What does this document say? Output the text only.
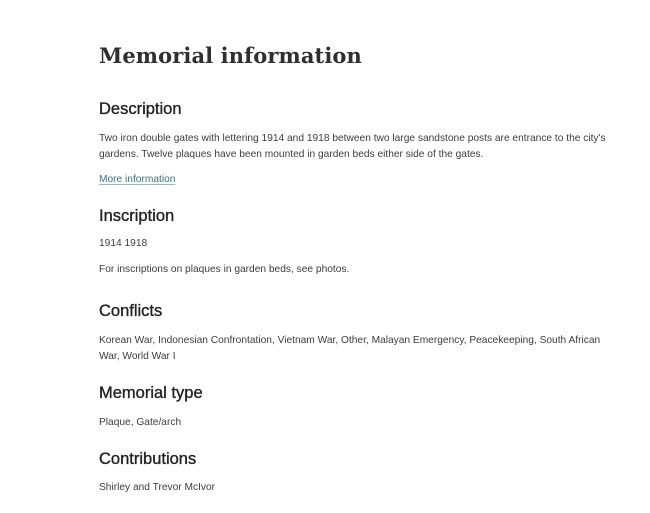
Memorial information
Description

Two iron double gates with lettering 1914 and 1918 between two large sandstone posts are entrance to the city's gardens. Twelve plaques have been mounted in garden beds either side of the gates.

More information
Inscription

1914 1918

For inscriptions on plaques in garden beds, see photos.

Conflicts

Korean War, Indonesian Confrontation, Vietnam War, Other, Malayan Emergency, Peacekeeping, South African War, World War I

Memorial type

Plaque, Gate/arch

Contributions

Shirley and Trevor McIvor
